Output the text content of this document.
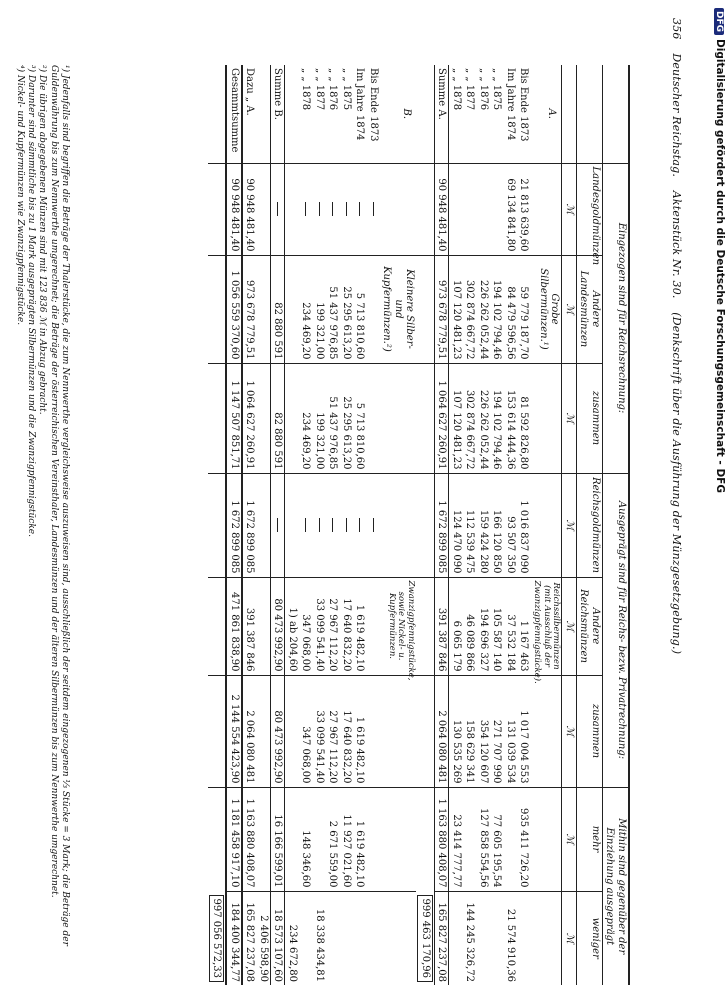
DFGDigitalisierung gefördert durch die Deutsche Forschungsgemeinschaft - DFG
356 Deutscher Reichstag. Aktenstück Nr. 30. (Denkschrift über die Ausführung der Münzgesetzgebung.)
	Eingezogen sind für Reichsrechnung:			Ausgeprägt sind für Reichs- bezw. Privatrechnung:			Mithin sind gegenüber der Einziehung ausgeprägt	
	Landesgoldmünzen	Andere Landesmünzen	zusammen	Reichsgoldmünzen	Andere Reichsmünzen	zusammen	mehr	weniger
	ℳ	ℳ	ℳ	ℳ	ℳ	ℳ	ℳ	ℳ
A.		Grobe Silbermünzen.¹)			Reichssilbermünzen (mit Ausschluß der Zwanzigpfennigstücke).			
Bis Ende 1873	21 813 639,60	59 779 187,70	81 592 826,80	1 016 837 090	1 167 463	1 017 004 553	935 411 726,20	
Im Jahre 1874	69 134 841,80	84 479 596,56	153 614 444,36	93 507 350	37 532 184	131 039 534		21 574 910,36
„ „ 1875		194 102 794,46	194 102 794,46	166 120 850	105 587 140	271 707 990	77 605 195,54	
„ „ 1876		226 262 052,44	226 262 052,44	159 424 280	194 696 327	354 120 607	127 858 554,56	
„ „ 1877		302 874 667,72	302 874 667,72	112 539 475	46 089 866	158 629 341		144 245 326,72
„ „ 1878		107 120 481,23	107 120 481,23	124 470 090	6 065 179	130 535 269	23 414 777,77	
Summe A.	90 948 481,40	973 678 779,51	1 064 627 260,91	1 672 899 085	391 387 846	2 064 080 481	1 163 880 408,07	165 827 237,08
							999 463 170,96	
B.		Kleinere Silber- und Kupfermünzen.²)			Zwanzigpfennigstücke, sowie Nickel- u. Kupfermünzen.			
Bis Ende 1873								
Im Jahre 1874		5 713 810,60	5 713 810,60		1 619 482,10	1 619 482,10	1 619 482,10	
„ „ 1875		25 295 613,20	25 295 613,20		17 640 832,20	17 640 832,20	11 927 021,60	
„ „ 1876		51 437 976,85	51 437 976,85		27 967 112,20	27 967 112,20	2 671 559,00	
„ „ 1877		199 321,00	199 321,00		33 099 541,40	33 099 541,40		18 338 434,81
„ „ 1878		234 469,20	234 469,20		347 068,00	347 068,00	148 346,60	
					1) ab 204,60			234 672,80
Summe B.		82 880 591	82 880 591		80 473 992,90	80 473 992,90	16 166 599,01	18 573 107,60
								2 406 598,90
Dazu „ A.	90 948 481,40	973 678 779,51	1 064 627 260,91	1 672 899 085	391 387 846	2 064 080 481	1 163 880 408,07	165 827 237,08
Gesammtsumme	90 948 481,40	1 056 559 370,60	1 147 507 851,71	1 672 899 085	471 861 838,90	2 144 554 423,90	1 181 458 917,10	184 400 344,77
							997 056 572,33	
¹) Jedenfalls sind begriffen die Beträge der Thalerstücke, die zum Nennwerthe vergleichsweise auszuweisen sind, ausschließlich der seitdem eingezogenen ⅓ Stücke = 3 Mark; die Beträge der
Guldenwährung bis zum Nennwerthe umgerechnet; die Beträge der österreichischen Vereinsthaler, Landesmünzen und der älteren Silbermünzen bis zum Nennwerthe umgerechnet.
²) Die übrigen abgegebenen Münzen sind mit 123 836 ℳ in Abzug gebracht.
³) Darunter sind sämmtliche bis zu 1 Mark ausgeprägten Silbermünzen und die Zwanzigpfennigstücke.
⁴) Nickel- und Kupfermünzen wie Zwanzigpfennigstücke.
